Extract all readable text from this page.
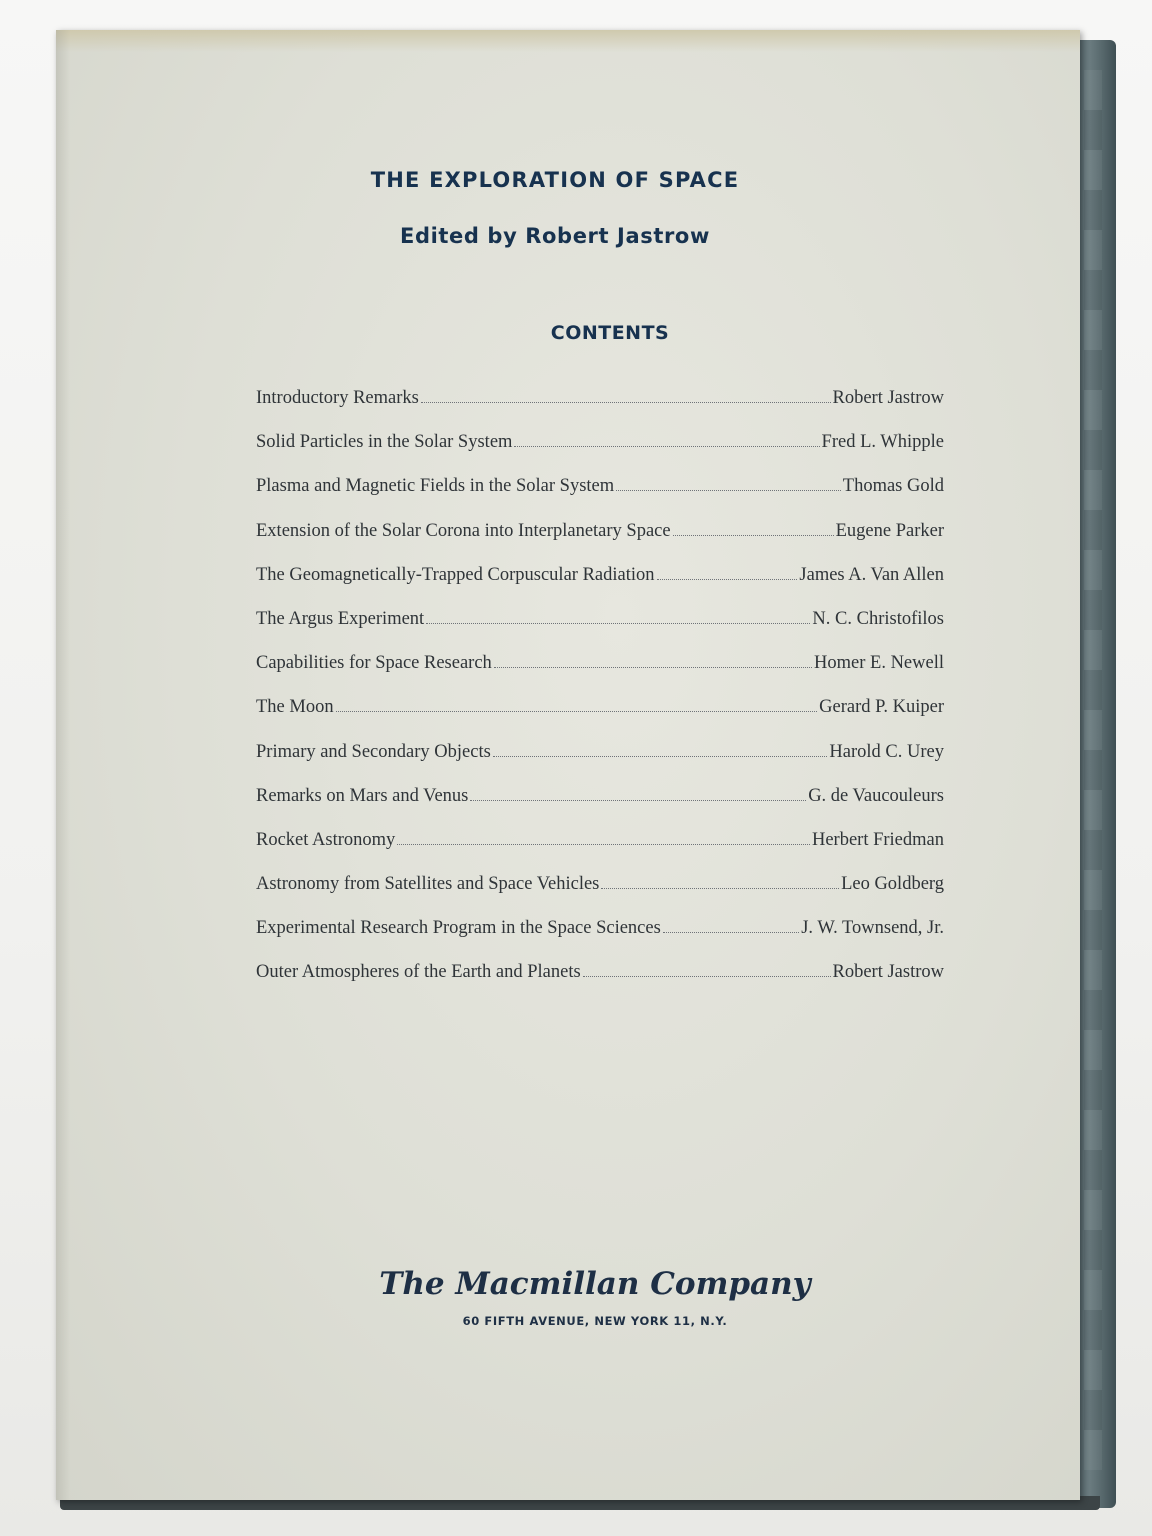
THE EXPLORATION OF SPACE
Edited by Robert Jastrow
CONTENTS
Introductory Remarks	Robert Jastrow
Solid Particles in the Solar System	Fred L. Whipple
Plasma and Magnetic Fields in the Solar System	Thomas Gold
Extension of the Solar Corona into Interplanetary Space	Eugene Parker
The Geomagnetically-Trapped Corpuscular Radiation	James A. Van Allen
The Argus Experiment	N. C. Christofilos
Capabilities for Space Research	Homer E. Newell
The Moon	Gerard P. Kuiper
Primary and Secondary Objects	Harold C. Urey
Remarks on Mars and Venus	G. de Vaucouleurs
Rocket Astronomy	Herbert Friedman
Astronomy from Satellites and Space Vehicles	Leo Goldberg
Experimental Research Program in the Space Sciences	J. W. Townsend, Jr.
Outer Atmospheres of the Earth and Planets	Robert Jastrow
The Macmillan Company
60 FIFTH AVENUE, NEW YORK 11, N.Y.
